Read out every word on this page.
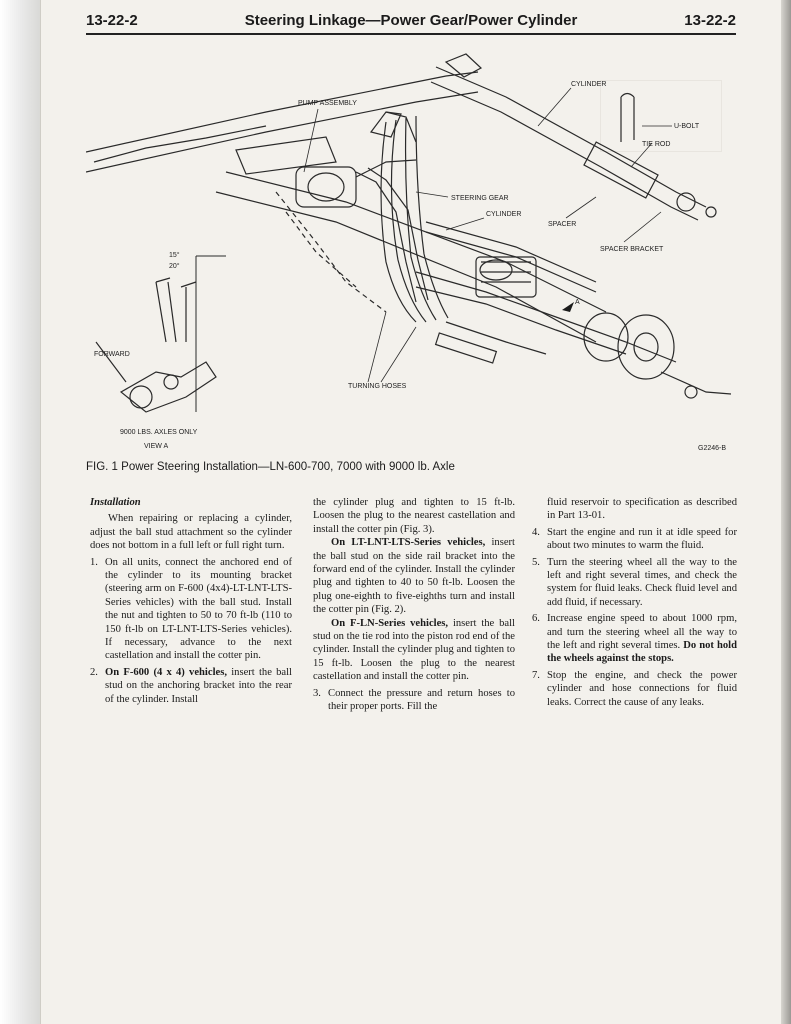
13-22-2	Steering Linkage—Power Gear/Power Cylinder	13-22-2
CYLINDER
U-BOLT
TIE ROD
PUMP ASSEMBLY
STEERING GEAR
CYLINDER
SPACER
SPACER BRACKET
15°
20°
FORWARD
A
TURNING HOSES
9000 LBS. AXLES ONLY
VIEW A	G2246-B
FIG. 1 Power Steering Installation—LN-600-700, 7000 with 9000 lb. Axle

Installation

When repairing or replacing a cylinder, adjust the ball stud attachment so the cylinder does not bottom in a full left or full right turn.

1. On all units, connect the anchored end of the cylinder to its mounting bracket (steering arm on F-600 (4x4)-LT-LNT-LTS-Series vehicles) with the ball stud. Install the nut and tighten to 50 to 70 ft-lb (110 to 150 ft-lb on LT-LNT-LTS-Series vehicles). If necessary, advance to the next castellation and install the cotter pin.
2. On F-600 (4 x 4) vehicles, insert the ball stud on the anchoring bracket into the rear of the cylinder. Install

the cylinder plug and tighten to 15 ft-lb. Loosen the plug to the nearest castellation and install the cotter pin (Fig. 3).

On LT-LNT-LTS-Series vehicles, insert the ball stud on the side rail bracket into the forward end of the cylinder. Install the cylinder plug and tighten to 40 to 50 ft-lb. Loosen the plug one-eighth to five-eighths turn and install the cotter pin (Fig. 2).

On F-LN-Series vehicles, insert the ball stud on the tie rod into the piston rod end of the cylinder. Install the cylinder plug and tighten to 15 ft-lb. Loosen the plug to the nearest castellation and install the cotter pin.

3. Connect the pressure and return hoses to their proper ports. Fill the

fluid reservoir to specification as described in Part 13-01.

4. Start the engine and run it at idle speed for about two minutes to warm the fluid.
5. Turn the steering wheel all the way to the left and right several times, and check the system for fluid leaks. Check fluid level and add fluid, if necessary.
6. Increase engine speed to about 1000 rpm, and turn the steering wheel all the way to the left and right several times. Do not hold the wheels against the stops.
7. Stop the engine, and check the power cylinder and hose connections for fluid leaks. Correct the cause of any leaks.
